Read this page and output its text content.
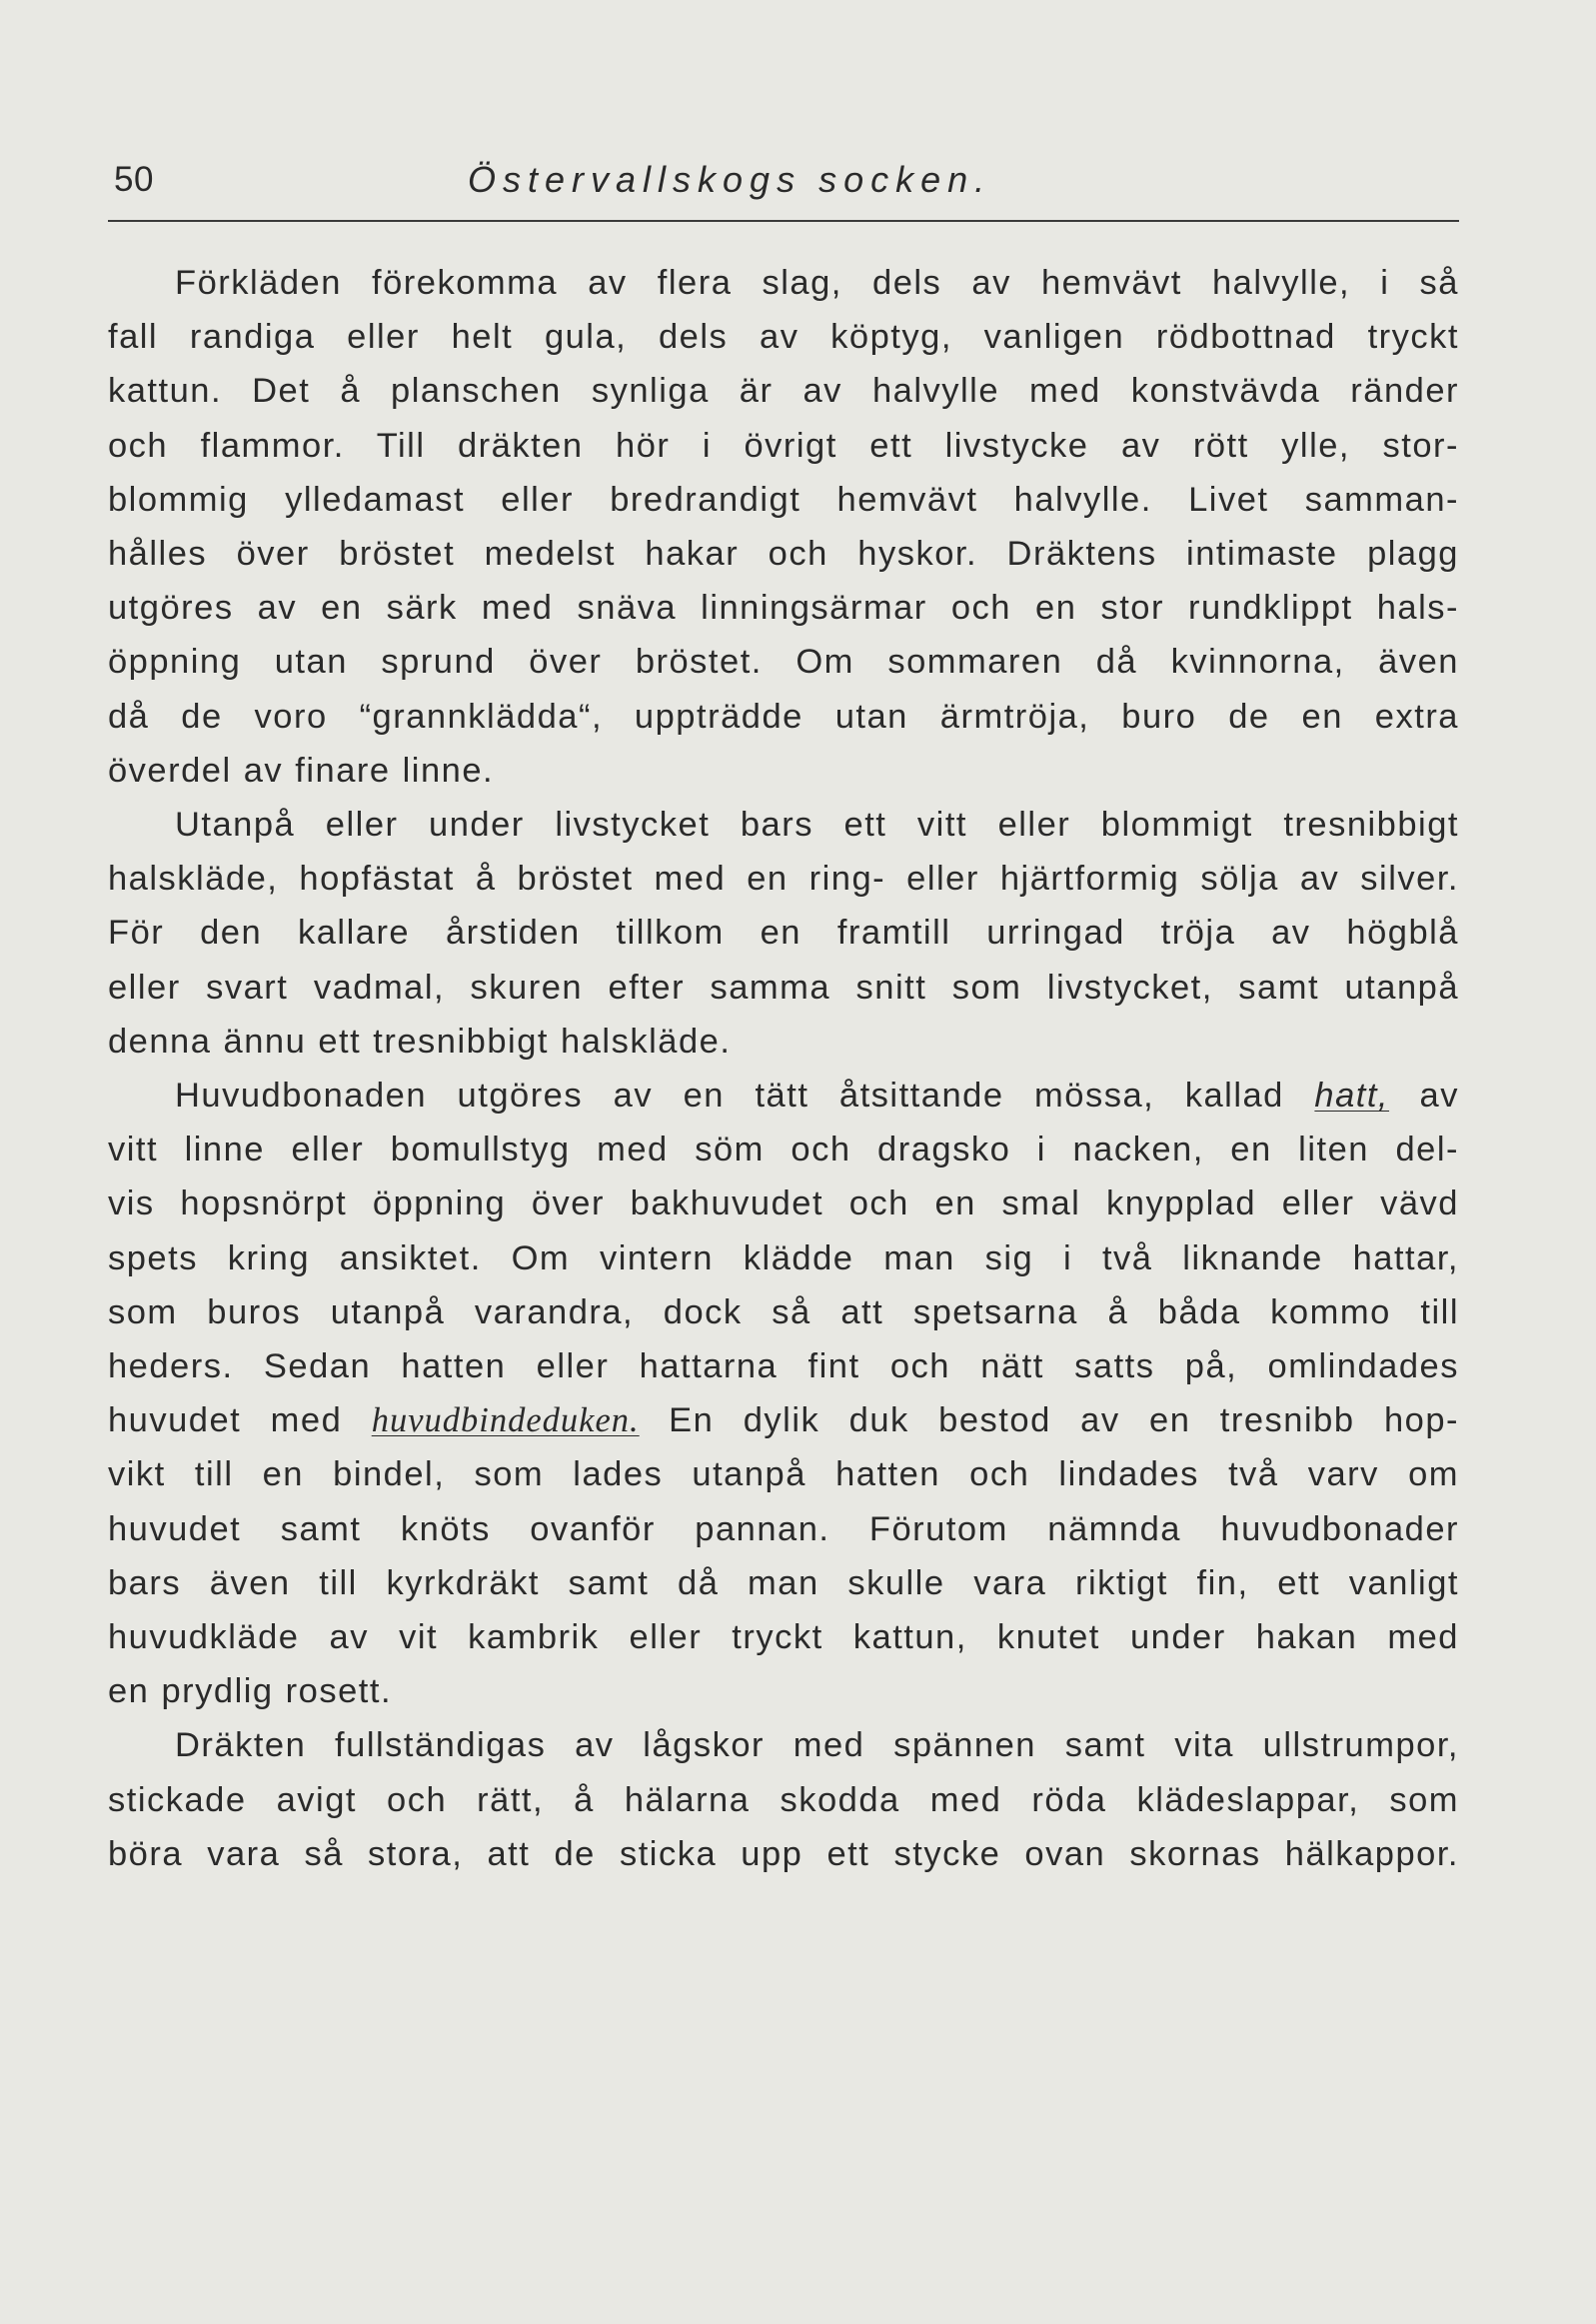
50	Östervallskogs socken.

Förkläden förekomma av flera slag, dels av hemvävt halvylle, i så
fall randiga eller helt gula, dels av köptyg, vanligen rödbottnad tryckt
kattun. Det å planschen synliga är av halvylle med konstvävda ränder
och flammor. Till dräkten hör i övrigt ett livstycke av rött ylle, stor-
blommig ylledamast eller bredrandigt hemvävt halvylle. Livet samman-
hålles över bröstet medelst hakar och hyskor. Dräktens intimaste plagg
utgöres av en särk med snäva linningsärmar och en stor rundklippt hals-
öppning utan sprund över bröstet. Om sommaren då kvinnorna, även
då de voro “grannklädda“, uppträdde utan ärmtröja, buro de en extra
överdel av finare linne.

Utanpå eller under livstycket bars ett vitt eller blommigt tresnibbigt
halskläde, hopfästat å bröstet med en ring- eller hjärtformig sölja av silver.
För den kallare årstiden tillkom en framtill urringad tröja av högblå
eller svart vadmal, skuren efter samma snitt som livstycket, samt utanpå
denna ännu ett tresnibbigt halskläde.

Huvudbonaden utgöres av en tätt åtsittande mössa, kallad hatt, av
vitt linne eller bomullstyg med söm och dragsko i nacken, en liten del-
vis hopsnörpt öppning över bakhuvudet och en smal knypplad eller vävd
spets kring ansiktet. Om vintern klädde man sig i två liknande hattar,
som buros utanpå varandra, dock så att spetsarna å båda kommo till
heders. Sedan hatten eller hattarna fint och nätt satts på, omlindades
huvudet med huvudbindeduken. En dylik duk bestod av en tresnibb hop-
vikt till en bindel, som lades utanpå hatten och lindades två varv om
huvudet samt knöts ovanför pannan. Förutom nämnda huvudbonader
bars även till kyrkdräkt samt då man skulle vara riktigt fin, ett vanligt
huvudkläde av vit kambrik eller tryckt kattun, knutet under hakan med
en prydlig rosett.

Dräkten fullständigas av lågskor med spännen samt vita ullstrumpor,
stickade avigt och rätt, å hälarna skodda med röda klädeslappar, som
böra vara så stora, att de sticka upp ett stycke ovan skornas hälkappor.
